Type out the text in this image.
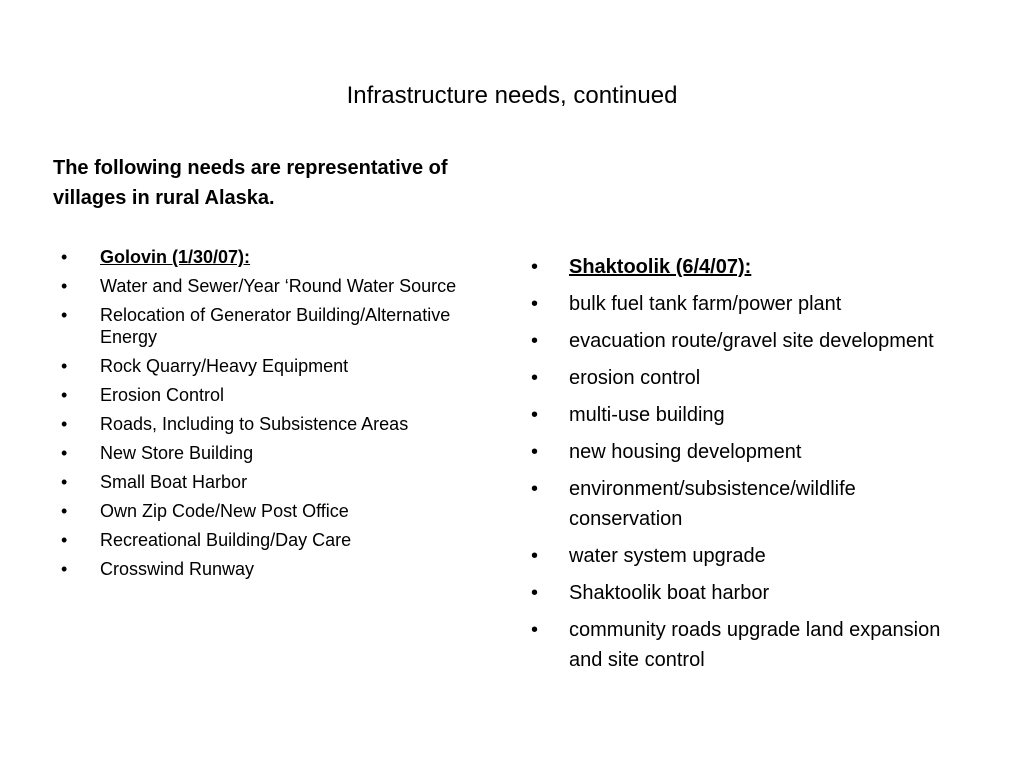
Infrastructure needs, continued

The following needs are representative of villages in rural Alaska.

• Golovin (1/30/07):
• Water and Sewer/Year ‘Round Water Source
• Relocation of Generator Building/Alternative Energy
• Rock Quarry/Heavy Equipment
• Erosion Control
• Roads, Including to Subsistence Areas
• New Store Building
• Small Boat Harbor
• Own Zip Code/New Post Office
• Recreational Building/Day Care
• Crosswind Runway
• Shaktoolik (6/4/07):
• bulk fuel tank farm/power plant
• evacuation route/gravel site development
• erosion control
• multi-use building
• new housing development
• environment/subsistence/wildlife conservation
• water system upgrade
• Shaktoolik boat harbor
• community roads upgrade land expansion and site control
